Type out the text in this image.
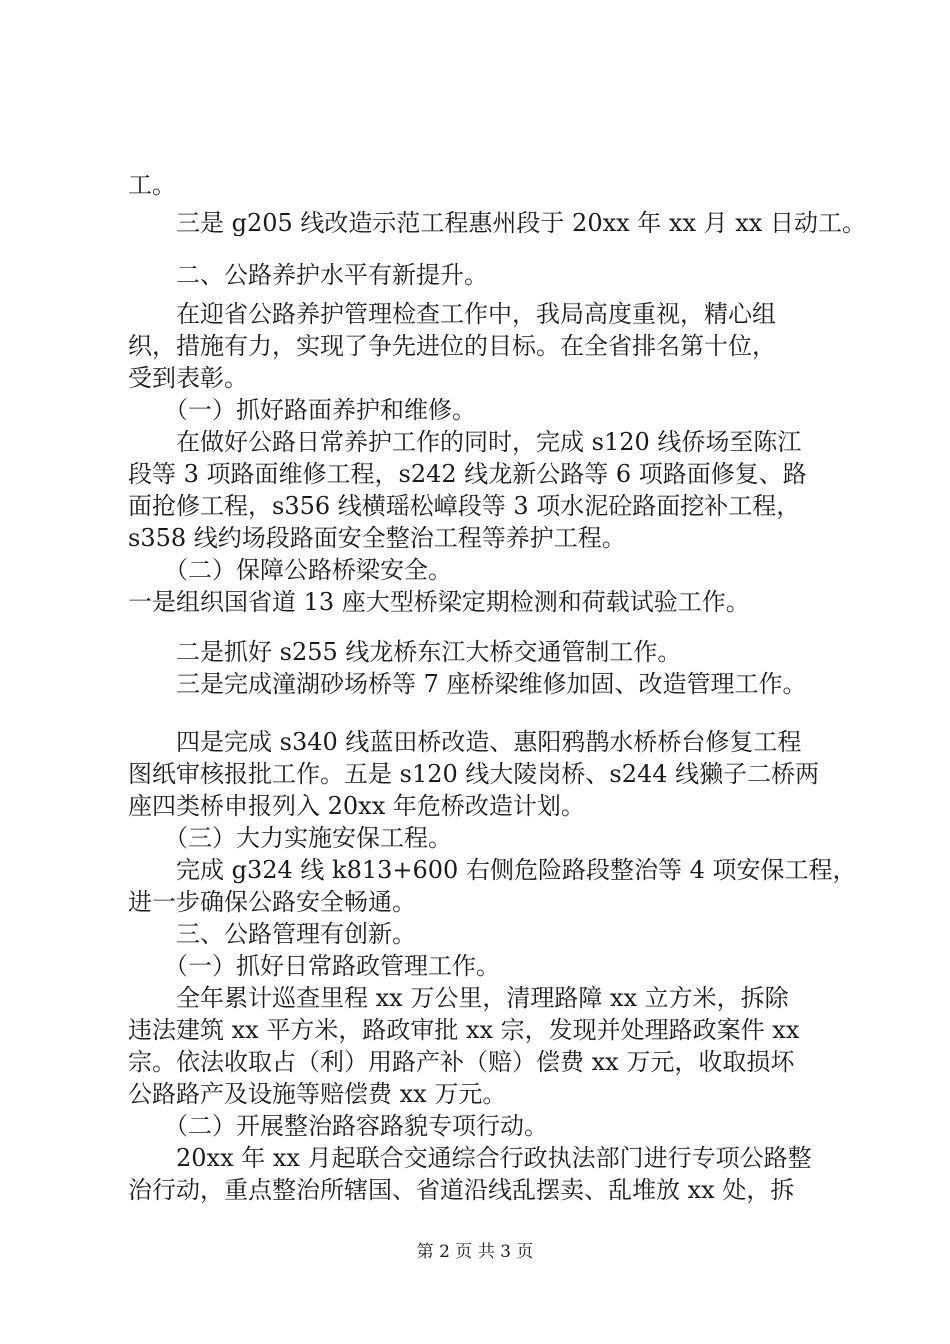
工。

　　三是 g205 线改造示范工程惠州段于 20xx 年 xx 月 xx 日动工。

　　二、公路养护水平有新提升。

　　在迎省公路养护管理检查工作中，我局高度重视，精心组

织，措施有力，实现了争先进位的目标。在全省排名第十位，

受到表彰。

　　（一）抓好路面养护和维修。

　　在做好公路日常养护工作的同时，完成 s120 线侨场至陈江

段等 3 项路面维修工程，s242 线龙新公路等 6 项路面修复、路

面抢修工程，s356 线横瑶松嶂段等 3 项水泥砼路面挖补工程，

s358 线约场段路面安全整治工程等养护工程。

　　（二）保障公路桥梁安全。

一是组织国省道 13 座大型桥梁定期检测和荷载试验工作。

　　二是抓好 s255 线龙桥东江大桥交通管制工作。

　　三是完成潼湖砂场桥等 7 座桥梁维修加固、改造管理工作。

　　四是完成 s340 线蓝田桥改造、惠阳鸦鹊水桥桥台修复工程

图纸审核报批工作。五是 s120 线大陵岗桥、s244 线獭子二桥两

座四类桥申报列入 20xx 年危桥改造计划。

　　（三）大力实施安保工程。

　　完成 g324 线 k813+600 右侧危险路段整治等 4 项安保工程，

进一步确保公路安全畅通。

　　三、公路管理有创新。

　　（一）抓好日常路政管理工作。

　　全年累计巡查里程 xx 万公里，清理路障 xx 立方米，拆除

违法建筑 xx 平方米，路政审批 xx 宗，发现并处理路政案件 xx

宗。依法收取占（利）用路产补（赔）偿费 xx 万元，收取损坏

公路路产及设施等赔偿费 xx 万元。

　　（二）开展整治路容路貌专项行动。

　　20xx 年 xx 月起联合交通综合行政执法部门进行专项公路整

治行动，重点整治所辖国、省道沿线乱摆卖、乱堆放 xx 处，拆

第 2 页 共 3 页
